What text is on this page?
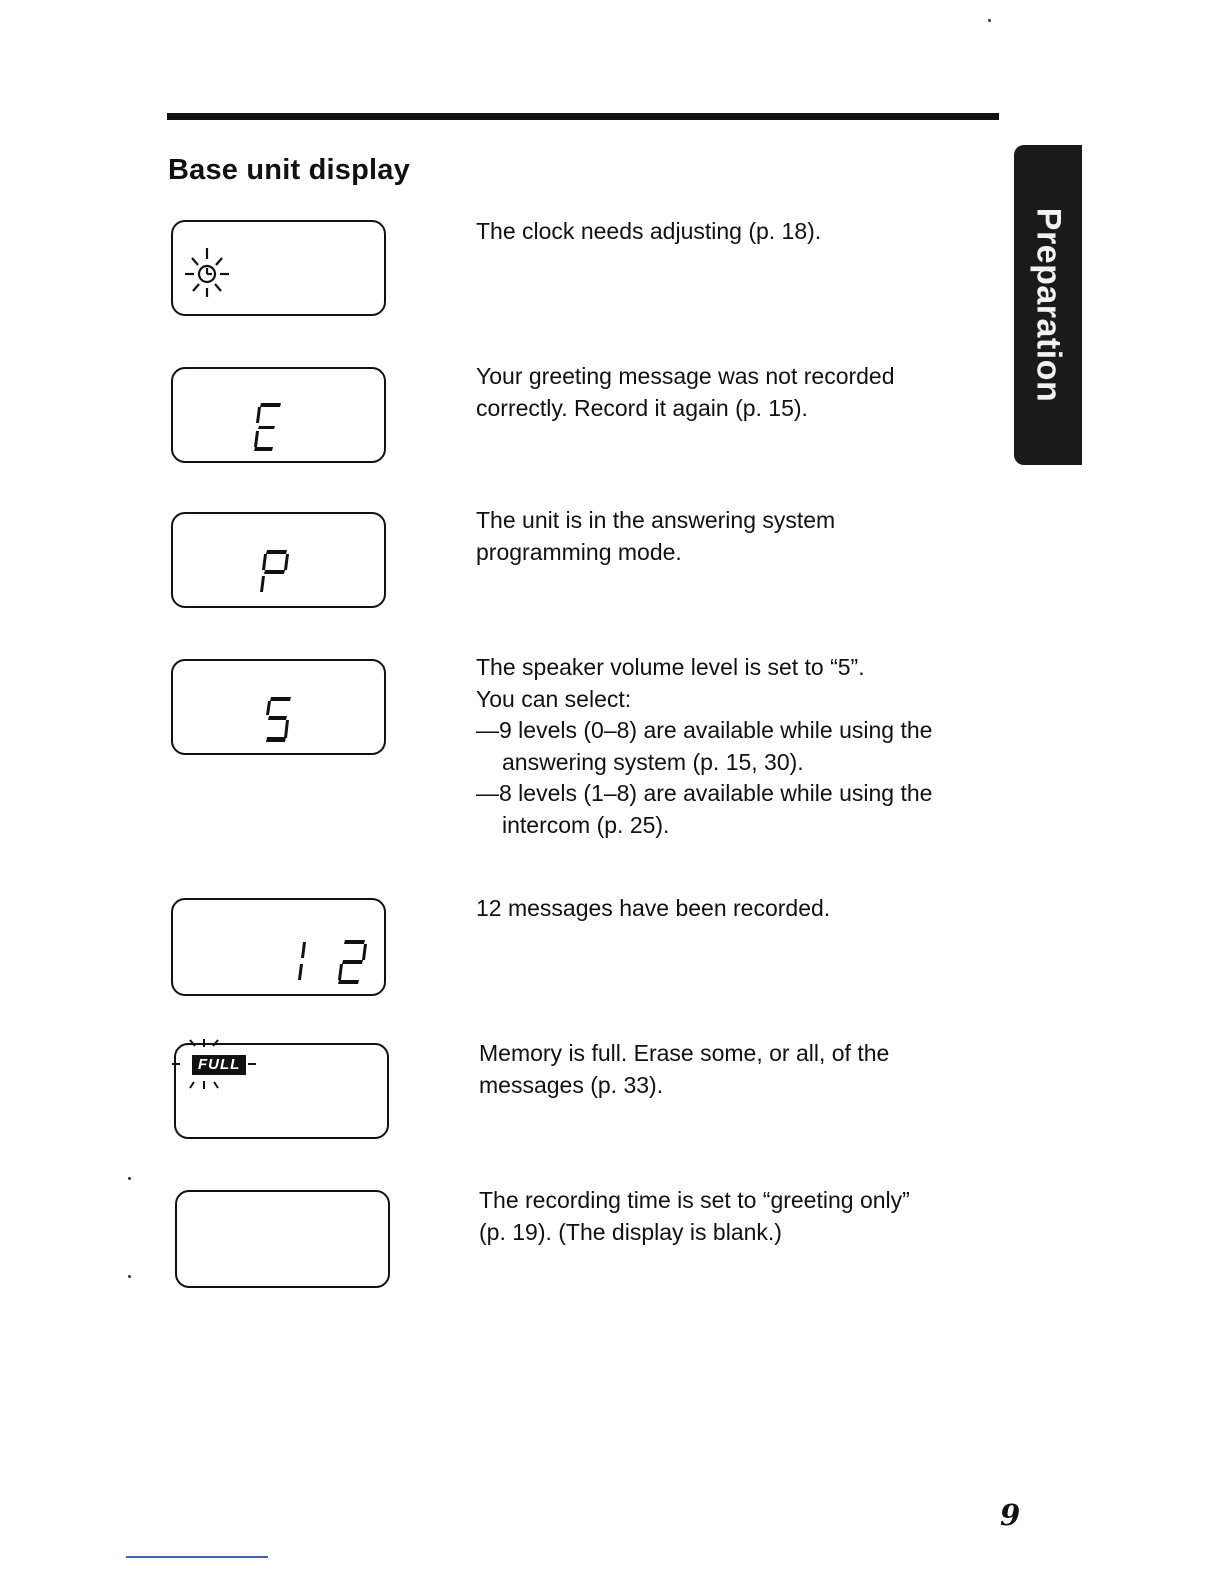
Base unit display
Preparation
The clock needs adjusting (p. 18).
Your greeting message was not recorded
correctly. Record it again (p. 15).
The unit is in the answering system
programming mode.
The speaker volume level is set to “5”.
You can select:
—9 levels (0–8) are available while using the
answering system (p. 15, 30).
—8 levels (1–8) are available while using the
intercom (p. 25).
12 messages have been recorded.
FULL	Memory is full. Erase some, or all, of the
messages (p. 33).
The recording time is set to “greeting only”
(p. 19). (The display is blank.)
9
